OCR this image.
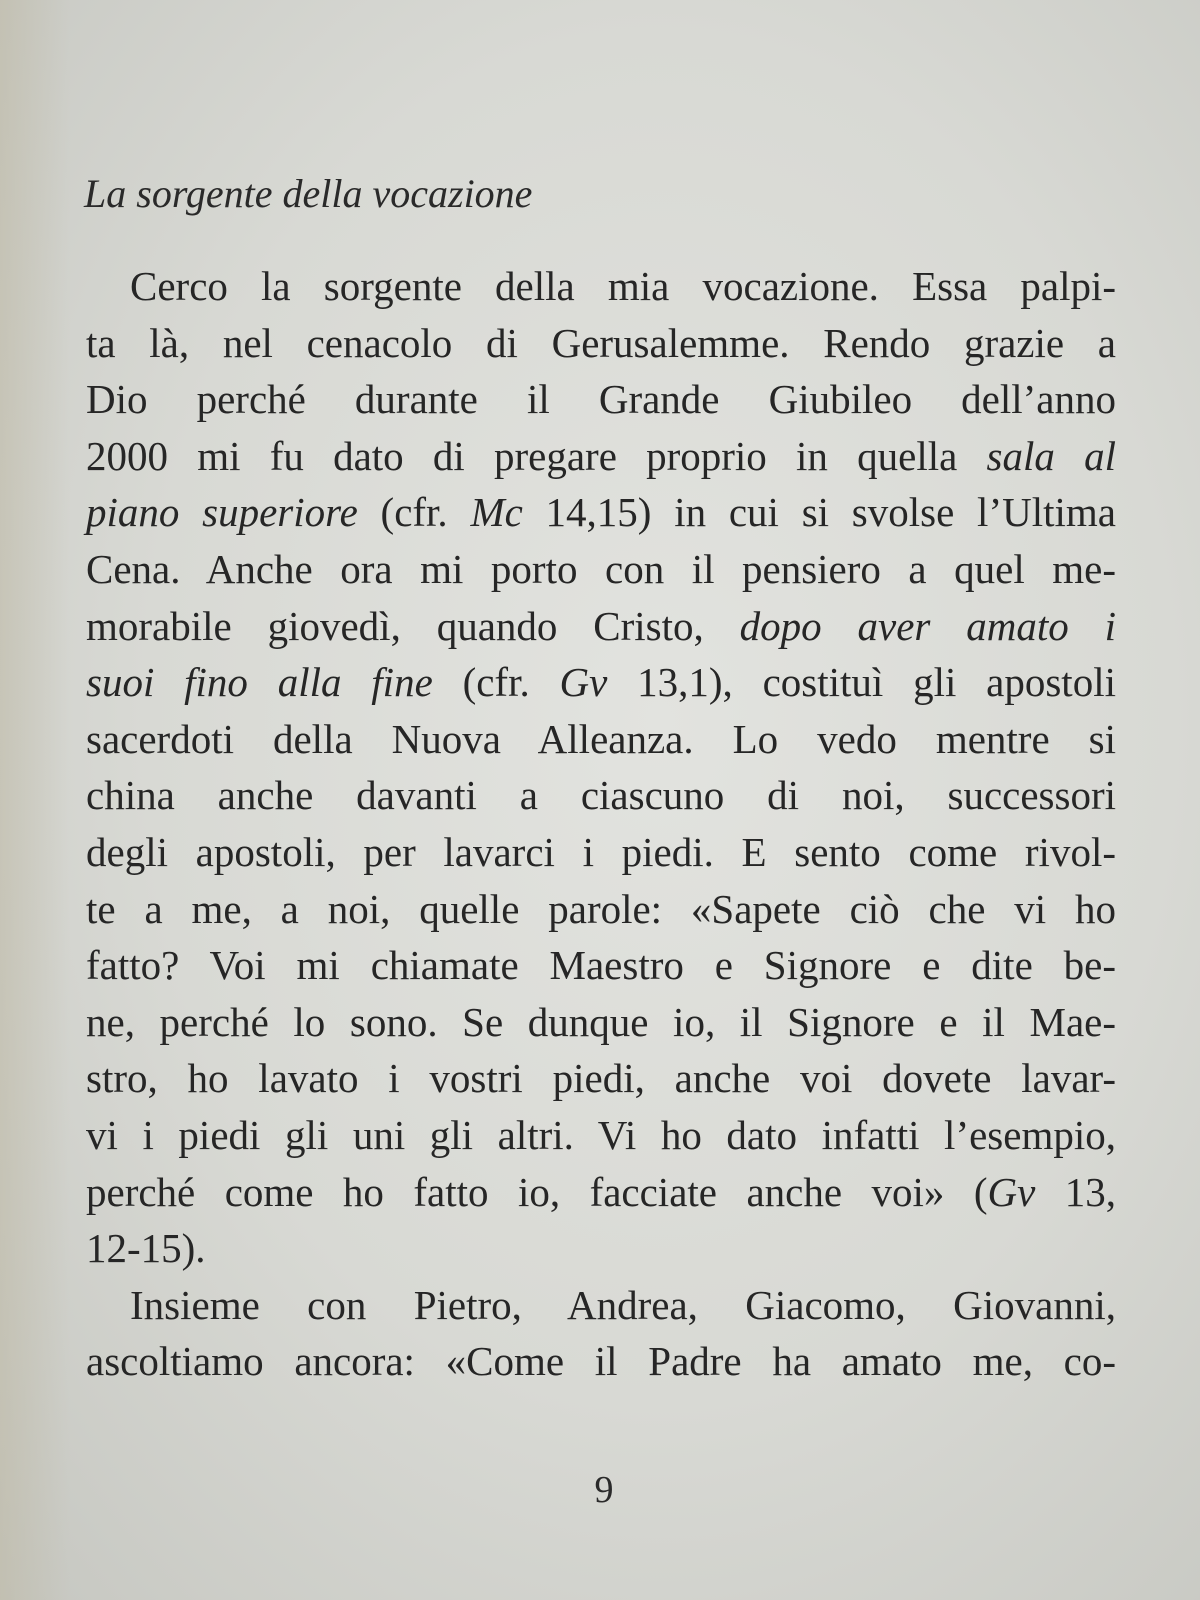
La sorgente della vocazione
Cerco la sorgente della mia vocazione. Essa palpi-
ta là, nel cenacolo di Gerusalemme. Rendo grazie a
Dio perché durante il Grande Giubileo dell’anno
2000 mi fu dato di pregare proprio in quella sala al
piano superiore (cfr. Mc 14,15) in cui si svolse l’Ultima
Cena. Anche ora mi porto con il pensiero a quel me-
morabile giovedì, quando Cristo, dopo aver amato i
suoi fino alla fine (cfr. Gv 13,1), costituì gli apostoli
sacerdoti della Nuova Alleanza. Lo vedo mentre si
china anche davanti a ciascuno di noi, successori
degli apostoli, per lavarci i piedi. E sento come rivol-
te a me, a noi, quelle parole: «Sapete ciò che vi ho
fatto? Voi mi chiamate Maestro e Signore e dite be-
ne, perché lo sono. Se dunque io, il Signore e il Mae-
stro, ho lavato i vostri piedi, anche voi dovete lavar-
vi i piedi gli uni gli altri. Vi ho dato infatti l’esempio,
perché come ho fatto io, facciate anche voi» (Gv 13,
12-15).
Insieme con Pietro, Andrea, Giacomo, Giovanni,
ascoltiamo ancora: «Come il Padre ha amato me, co-
9
